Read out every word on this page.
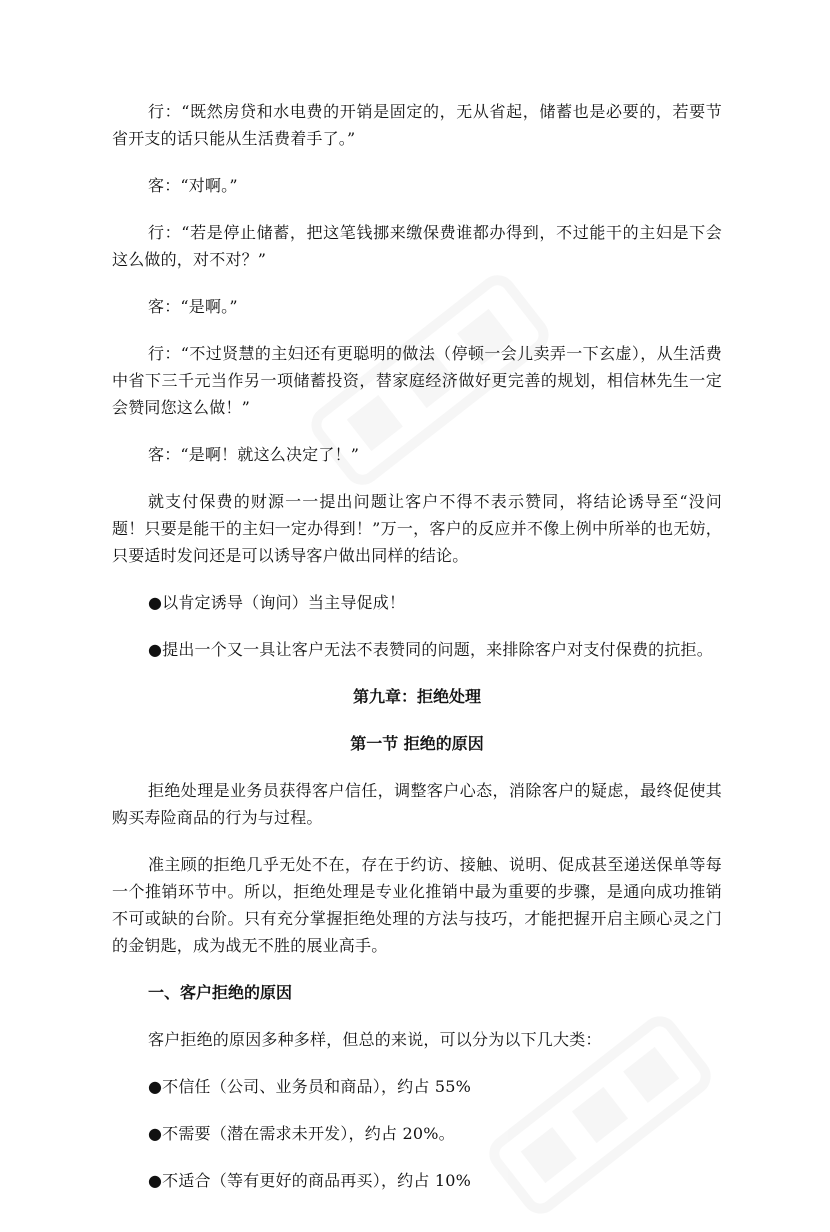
行：“既然房贷和水电费的开销是固定的，无从省起，储蓄也是必要的，若要节省开支的话只能从生活费着手了。”

客：“对啊。”

行：“若是停止储蓄，把这笔钱挪来缴保费谁都办得到，不过能干的主妇是下会这么做的，对不对？”

客：“是啊。”

行：“不过贤慧的主妇还有更聪明的做法（停顿一会儿卖弄一下玄虚），从生活费中省下三千元当作另一项储蓄投资，替家庭经济做好更完善的规划，相信林先生一定会赞同您这么做！”

客：“是啊！就这么决定了！”

就支付保费的财源一一提出问题让客户不得不表示赞同，将结论诱导至“没问题！只要是能干的主妇一定办得到！”万一，客户的反应并不像上例中所举的也无妨，只要适时发问还是可以诱导客户做出同样的结论。

●以肯定诱导（询问）当主导促成！

●提出一个又一具让客户无法不表赞同的问题，来排除客户对支付保费的抗拒。

第九章：拒绝处理

第一节 拒绝的原因

拒绝处理是业务员获得客户信任，调整客户心态，消除客户的疑虑，最终促使其购买寿险商品的行为与过程。

准主顾的拒绝几乎无处不在，存在于约访、接触、说明、促成甚至递送保单等每一个推销环节中。所以，拒绝处理是专业化推销中最为重要的步骤，是通向成功推销不可或缺的台阶。只有充分掌握拒绝处理的方法与技巧，才能把握开启主顾心灵之门的金钥匙，成为战无不胜的展业高手。

一、客户拒绝的原因

客户拒绝的原因多种多样，但总的来说，可以分为以下几大类：

●不信任（公司、业务员和商品），约占 55%

●不需要（潜在需求未开发），约占 20%。

●不适合（等有更好的商品再买），约占 10%
